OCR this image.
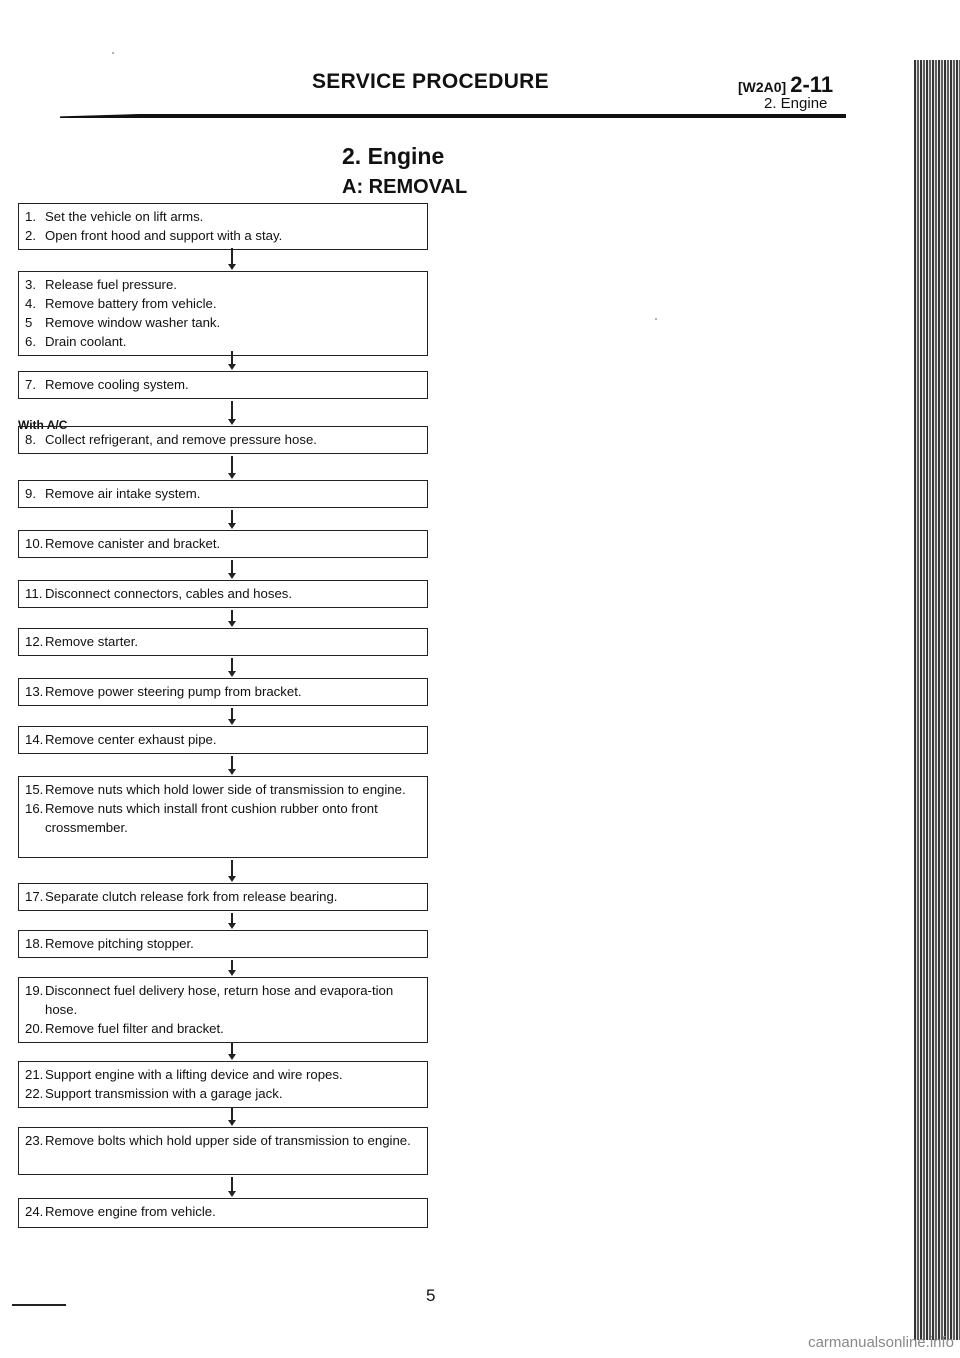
SERVICE PROCEDURE	[W2A0] 2-11
2. Engine
2. Engine
A: REMOVAL
With A/C
1. Set the vehicle on lift arms.
2. Open front hood and support with a stay.
3. Release fuel pressure.
4. Remove battery from vehicle.
5 Remove window washer tank.
6. Drain coolant.
7. Remove cooling system.
8. Collect refrigerant, and remove pressure hose.
9. Remove air intake system.
10. Remove canister and bracket.
11. Disconnect connectors, cables and hoses.
12. Remove starter.
13. Remove power steering pump from bracket.
14. Remove center exhaust pipe.
15. Remove nuts which hold lower side of transmission to engine.
16. Remove nuts which install front cushion rubber onto front crossmember.
17. Separate clutch release fork from release bearing.
18. Remove pitching stopper.
19. Disconnect fuel delivery hose, return hose and evapora-tion hose.
20. Remove fuel filter and bracket.
21. Support engine with a lifting device and wire ropes.
22. Support transmission with a garage jack.
23. Remove bolts which hold upper side of transmission to engine.
24. Remove engine from vehicle.
5
carmanualsonline.info
